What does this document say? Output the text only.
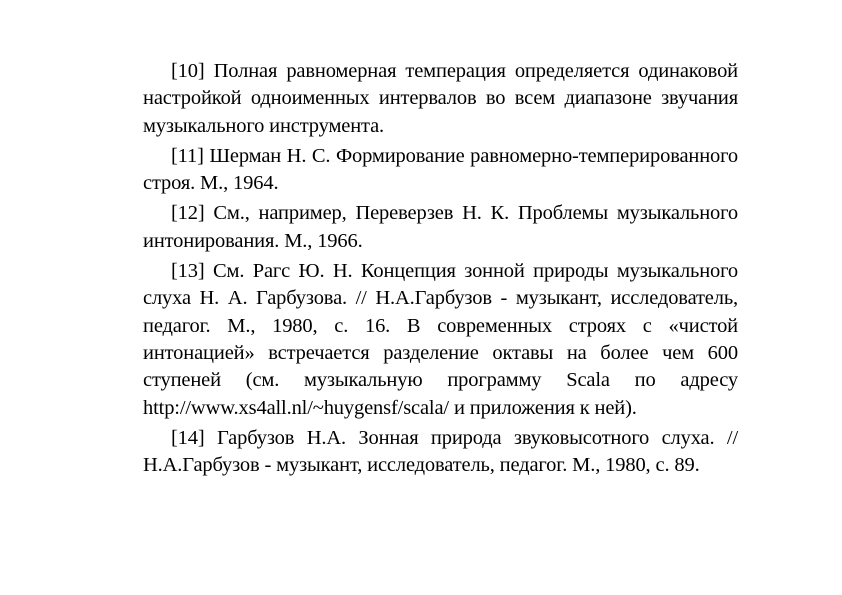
[10] Полная равномерная темперация определяется одинаковой настройкой одноименных интервалов во всем диапазоне звучания музыкального инструмента.

[11] Шерман Н. С. Формирование равномерно-темперированного строя. М., 1964.

[12] См., например, Переверзев Н. К. Проблемы музыкального интонирования. М., 1966.

[13] См. Рагс Ю. Н. Концепция зонной природы музыкального слуха Н. А. Гарбузова. // Н.А.Гарбузов - музыкант, исследователь, педагог. М., 1980, с. 16. В современных строях с «чистой интонацией» встречается разделение октавы на более чем 600 ступеней (см. музыкальную программу Scala по адресу http://www.xs4all.nl/~huygensf/scala/ и приложения к ней).

[14] Гарбузов Н.А. Зонная природа звуковысотного слуха. // Н.А.Гарбузов - музыкант, исследователь, педагог. М., 1980, с. 89.
